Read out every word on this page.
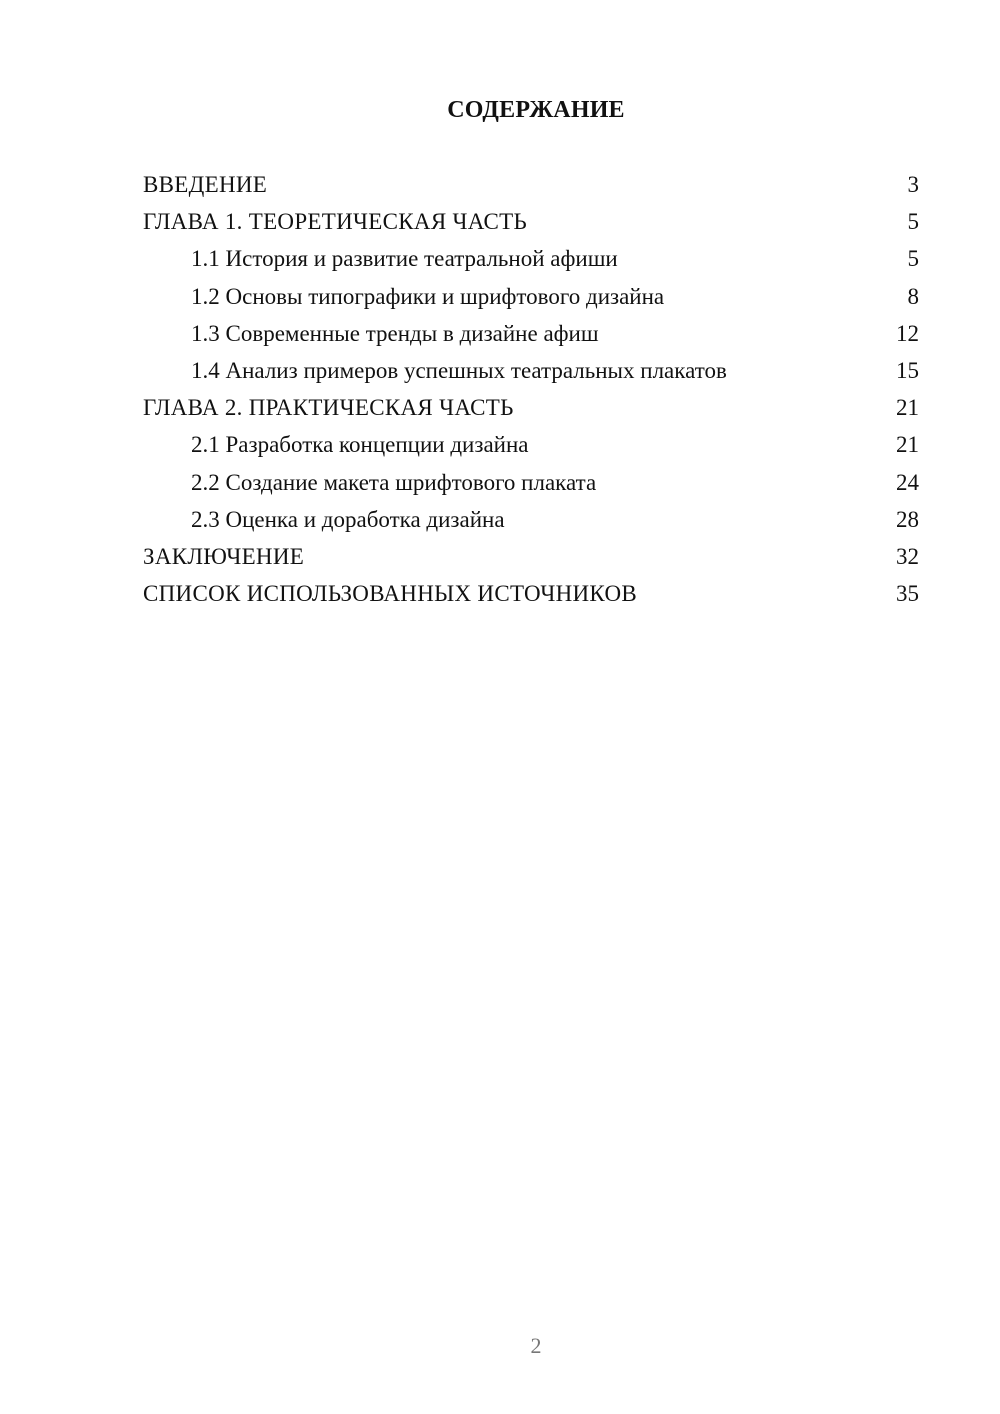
СОДЕРЖАНИЕ
ВВЕДЕНИЕ	3
ГЛАВА 1. ТЕОРЕТИЧЕСКАЯ ЧАСТЬ	5
1.1 История и развитие театральной афиши	5
1.2 Основы типографики и шрифтового дизайна	8
1.3 Современные тренды в дизайне афиш	12
1.4 Анализ примеров успешных театральных плакатов	15
ГЛАВА 2. ПРАКТИЧЕСКАЯ ЧАСТЬ	21
2.1 Разработка концепции дизайна	21
2.2 Создание макета шрифтового плаката	24
2.3 Оценка и доработка дизайна	28
ЗАКЛЮЧЕНИЕ	32
СПИСОК ИСПОЛЬЗОВАННЫХ ИСТОЧНИКОВ	35
2
